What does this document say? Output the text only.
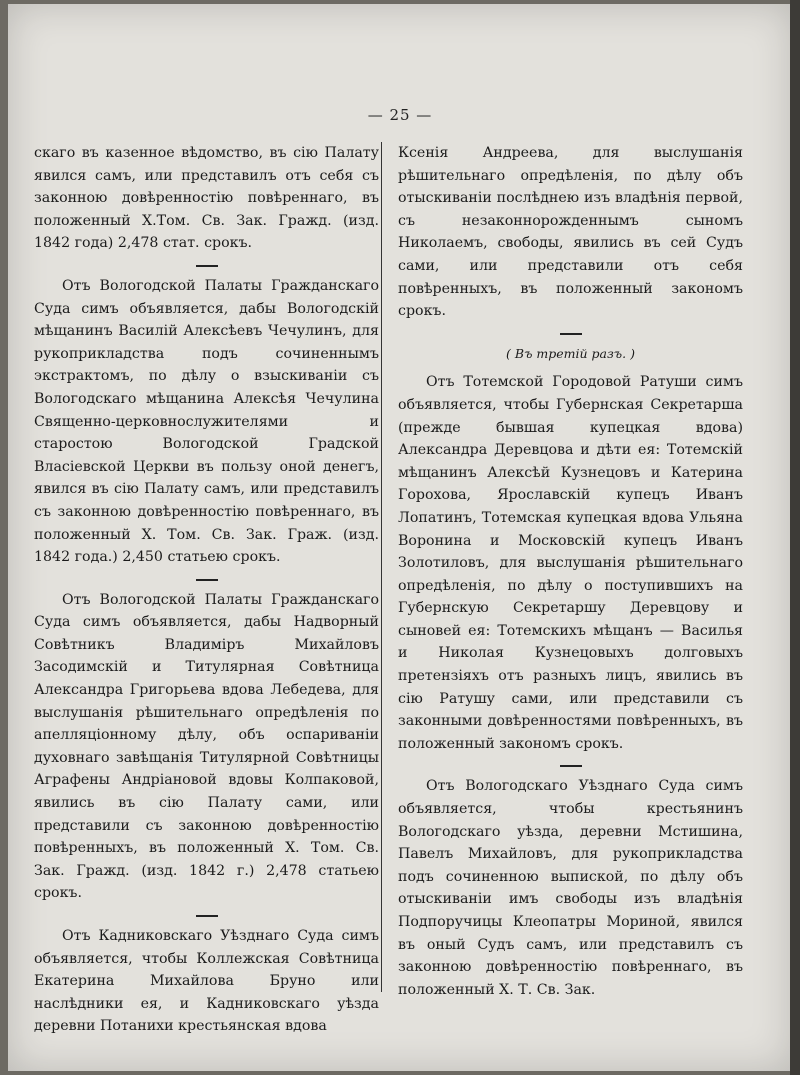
— 25 —

скаго въ казенное вѣдомство, въ сію Палату явился самъ, или представилъ отъ себя съ законною довѣренностію повѣреннаго, въ положенный X.Том. Св. Зак. Гражд. (изд. 1842 года) 2,478 стат. срокъ.

Отъ Вологодской Палаты Гражданскаго Суда симъ объявляется, дабы Вологодскій мѣщанинъ Василій Алексѣевъ Чечулинъ, для рукоприкладства подъ сочиненнымъ экстрактомъ, по дѣлу о взыскиваніи съ Вологодскаго мѣщанина Алексѣя Чечулина Священно-церковнослужителями и старостою Вологодской Градской Власіевской Церкви въ пользу оной денегъ, явился въ сію Палату самъ, или представилъ съ законною довѣренностію повѣреннаго, въ положенный X. Том. Св. Зак. Граж. (изд. 1842 года.) 2,450 статьею срокъ.

Отъ Вологодской Палаты Гражданскаго Суда симъ объявляется, дабы Надворный Совѣтникъ Владиміръ Михайловъ Засодимскій и Титулярная Совѣтница Александра Григорьева вдова Лебедева, для выслушанія рѣшительнаго опредѣленія по апелляціонному дѣлу, объ оспариваніи духовнаго завѣщанія Титулярной Совѣтницы Аграфены Андріановой вдовы Колпаковой, явились въ сію Палату сами, или представили съ законною довѣренностію повѣренныхъ, въ положенный X. Том. Св. Зак. Гражд. (изд. 1842 г.) 2,478 статьею срокъ.

Отъ Кадниковскаго Уѣзднаго Суда симъ объявляется, чтобы Коллежская Совѣтница Екатерина Михайлова Бруно или наслѣдники ея, и Кадниковскаго уѣзда деревни Потанихи крестьянская вдова

Ксенія Андреева, для выслушанія рѣшительнаго опредѣленія, по дѣлу объ отыскиваніи послѣднею изъ владѣнія первой, съ незаконнорожденнымъ сыномъ Николаемъ, свободы, явились въ сей Судъ сами, или представили отъ себя повѣренныхъ, въ положенный закономъ срокъ.

( Въ третій разъ. )

Отъ Тотемской Городовой Ратуши симъ объявляется, чтобы Губернская Секретарша (прежде бывшая купецкая вдова) Александра Деревцова и дѣти ея: Тотемскій мѣщанинъ Алексѣй Кузнецовъ и Катерина Горохова, Ярославскій купецъ Иванъ Лопатинъ, Тотемская купецкая вдова Ульяна Воронина и Московскій купецъ Иванъ Золотиловъ, для выслушанія рѣшительнаго опредѣленія, по дѣлу о поступившихъ на Губернскую Секретаршу Деревцову и сыновей ея: Тотемскихъ мѣщанъ — Василья и Николая Кузнецовыхъ долговыхъ претензіяхъ отъ разныхъ лицъ, явились въ сію Ратушу сами, или представили съ законными довѣренностями повѣренныхъ, въ положенный закономъ срокъ.

Отъ Вологодскаго Уѣзднаго Суда симъ объявляется, чтобы крестьянинъ Вологодскаго уѣзда, деревни Мстишина, Павелъ Михайловъ, для рукоприкладства подъ сочиненною выпиской, по дѣлу объ отыскиваніи имъ свободы изъ владѣнія Подпоручицы Клеопатры Мориной, явился въ оный Судъ самъ, или представилъ съ законною довѣренностію повѣреннаго, въ положенный X. Т. Св. Зак.
